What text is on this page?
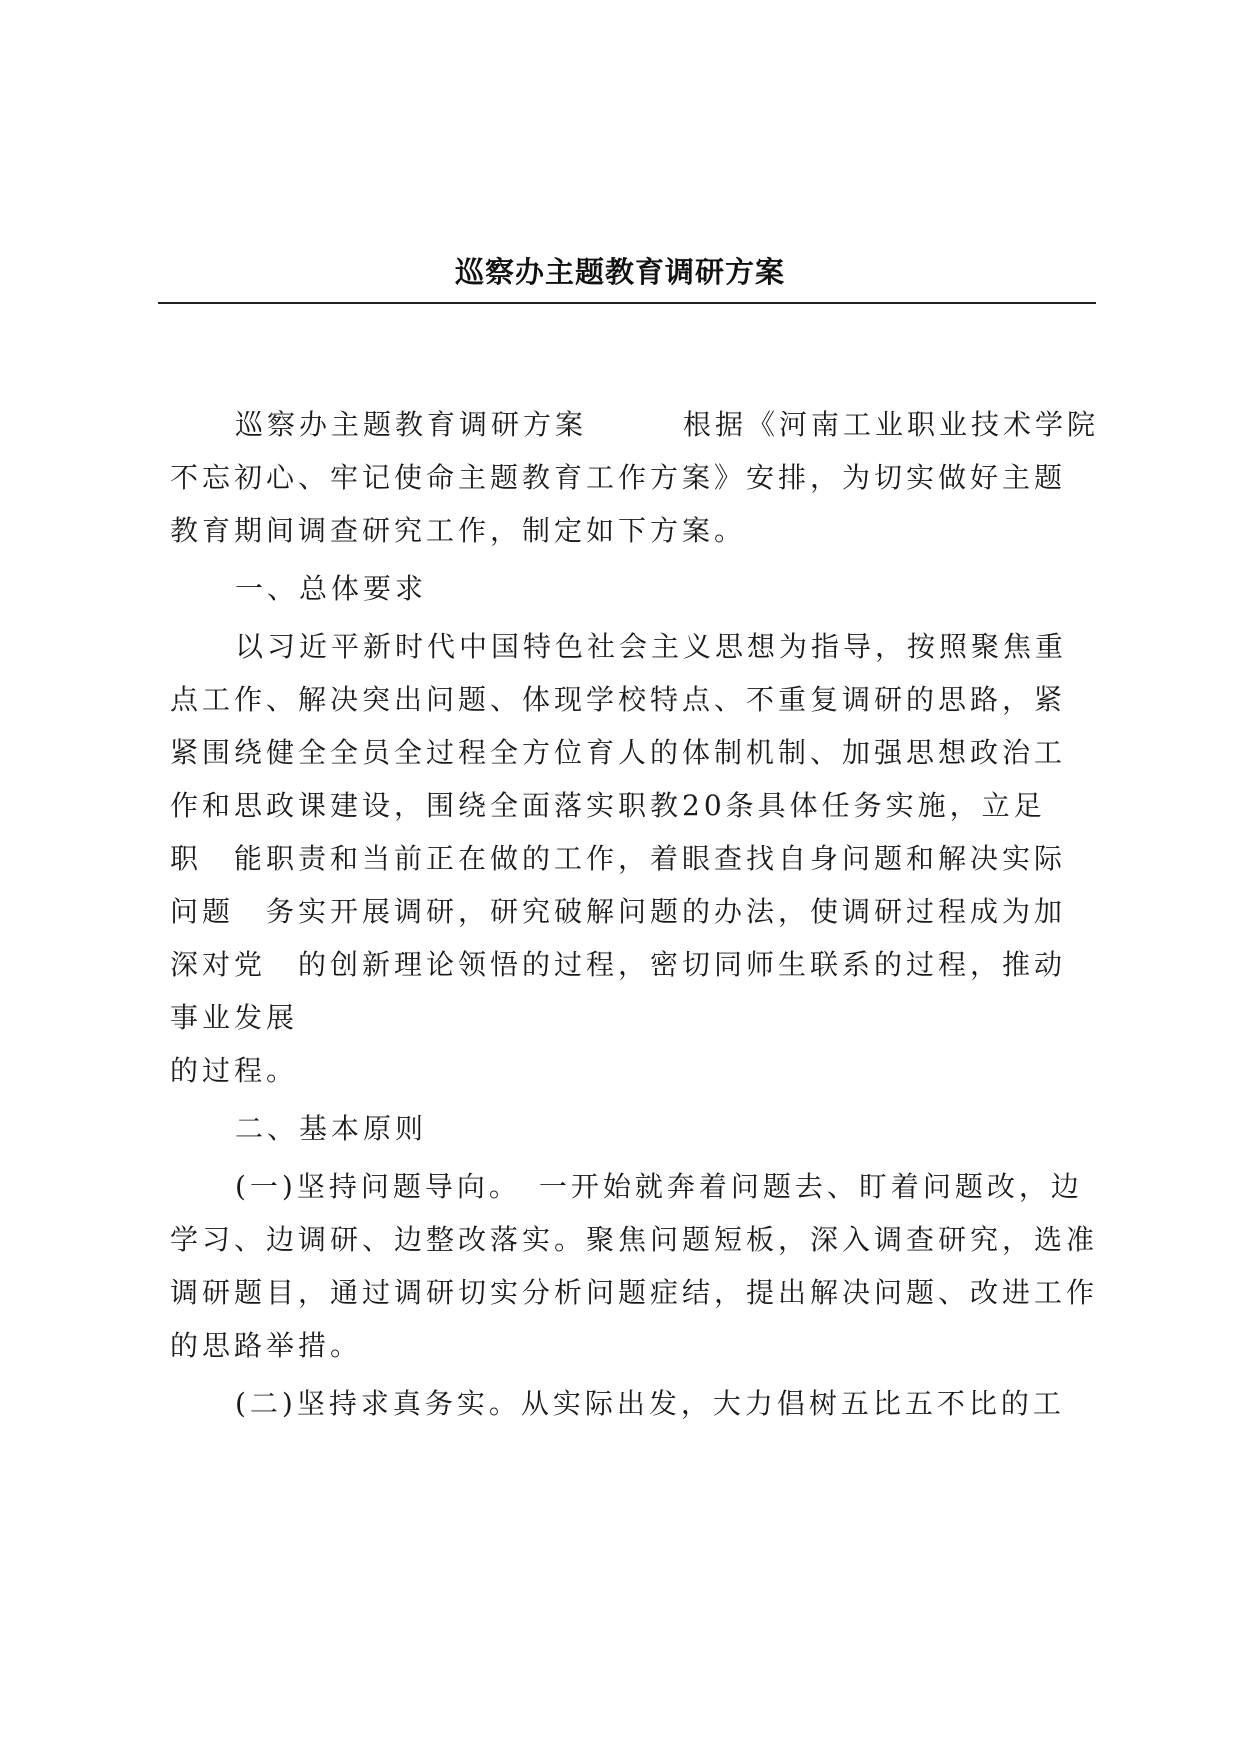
巡察办主题教育调研方案
巡察办主题教育调研方案　　　根据《河南工业职业技术学院
不忘初心、牢记使命主题教育工作方案》安排，为切实做好主题
教育期间调查研究工作，制定如下方案。
一、总体要求
以习近平新时代中国特色社会主义思想为指导，按照聚焦重
点工作、解决突出问题、体现学校特点、不重复调研的思路，紧
紧围绕健全全员全过程全方位育人的体制机制、加强思想政治工
作和思政课建设，围绕全面落实职教20条具体任务实施，立足
职　能职责和当前正在做的工作，着眼查找自身问题和解决实际
问题　务实开展调研，研究破解问题的办法，使调研过程成为加
深对党　的创新理论领悟的过程，密切同师生联系的过程，推动
事业发展
的过程。
二、基本原则
(一)坚持问题导向。　一开始就奔着问题去、盯着问题改，边
学习、边调研、边整改落实。聚焦问题短板，深入调查研究，选准
调研题目，通过调研切实分析问题症结，提出解决问题、改进工作
的思路举措。
(二)坚持求真务实。从实际出发，大力倡树五比五不比的工
